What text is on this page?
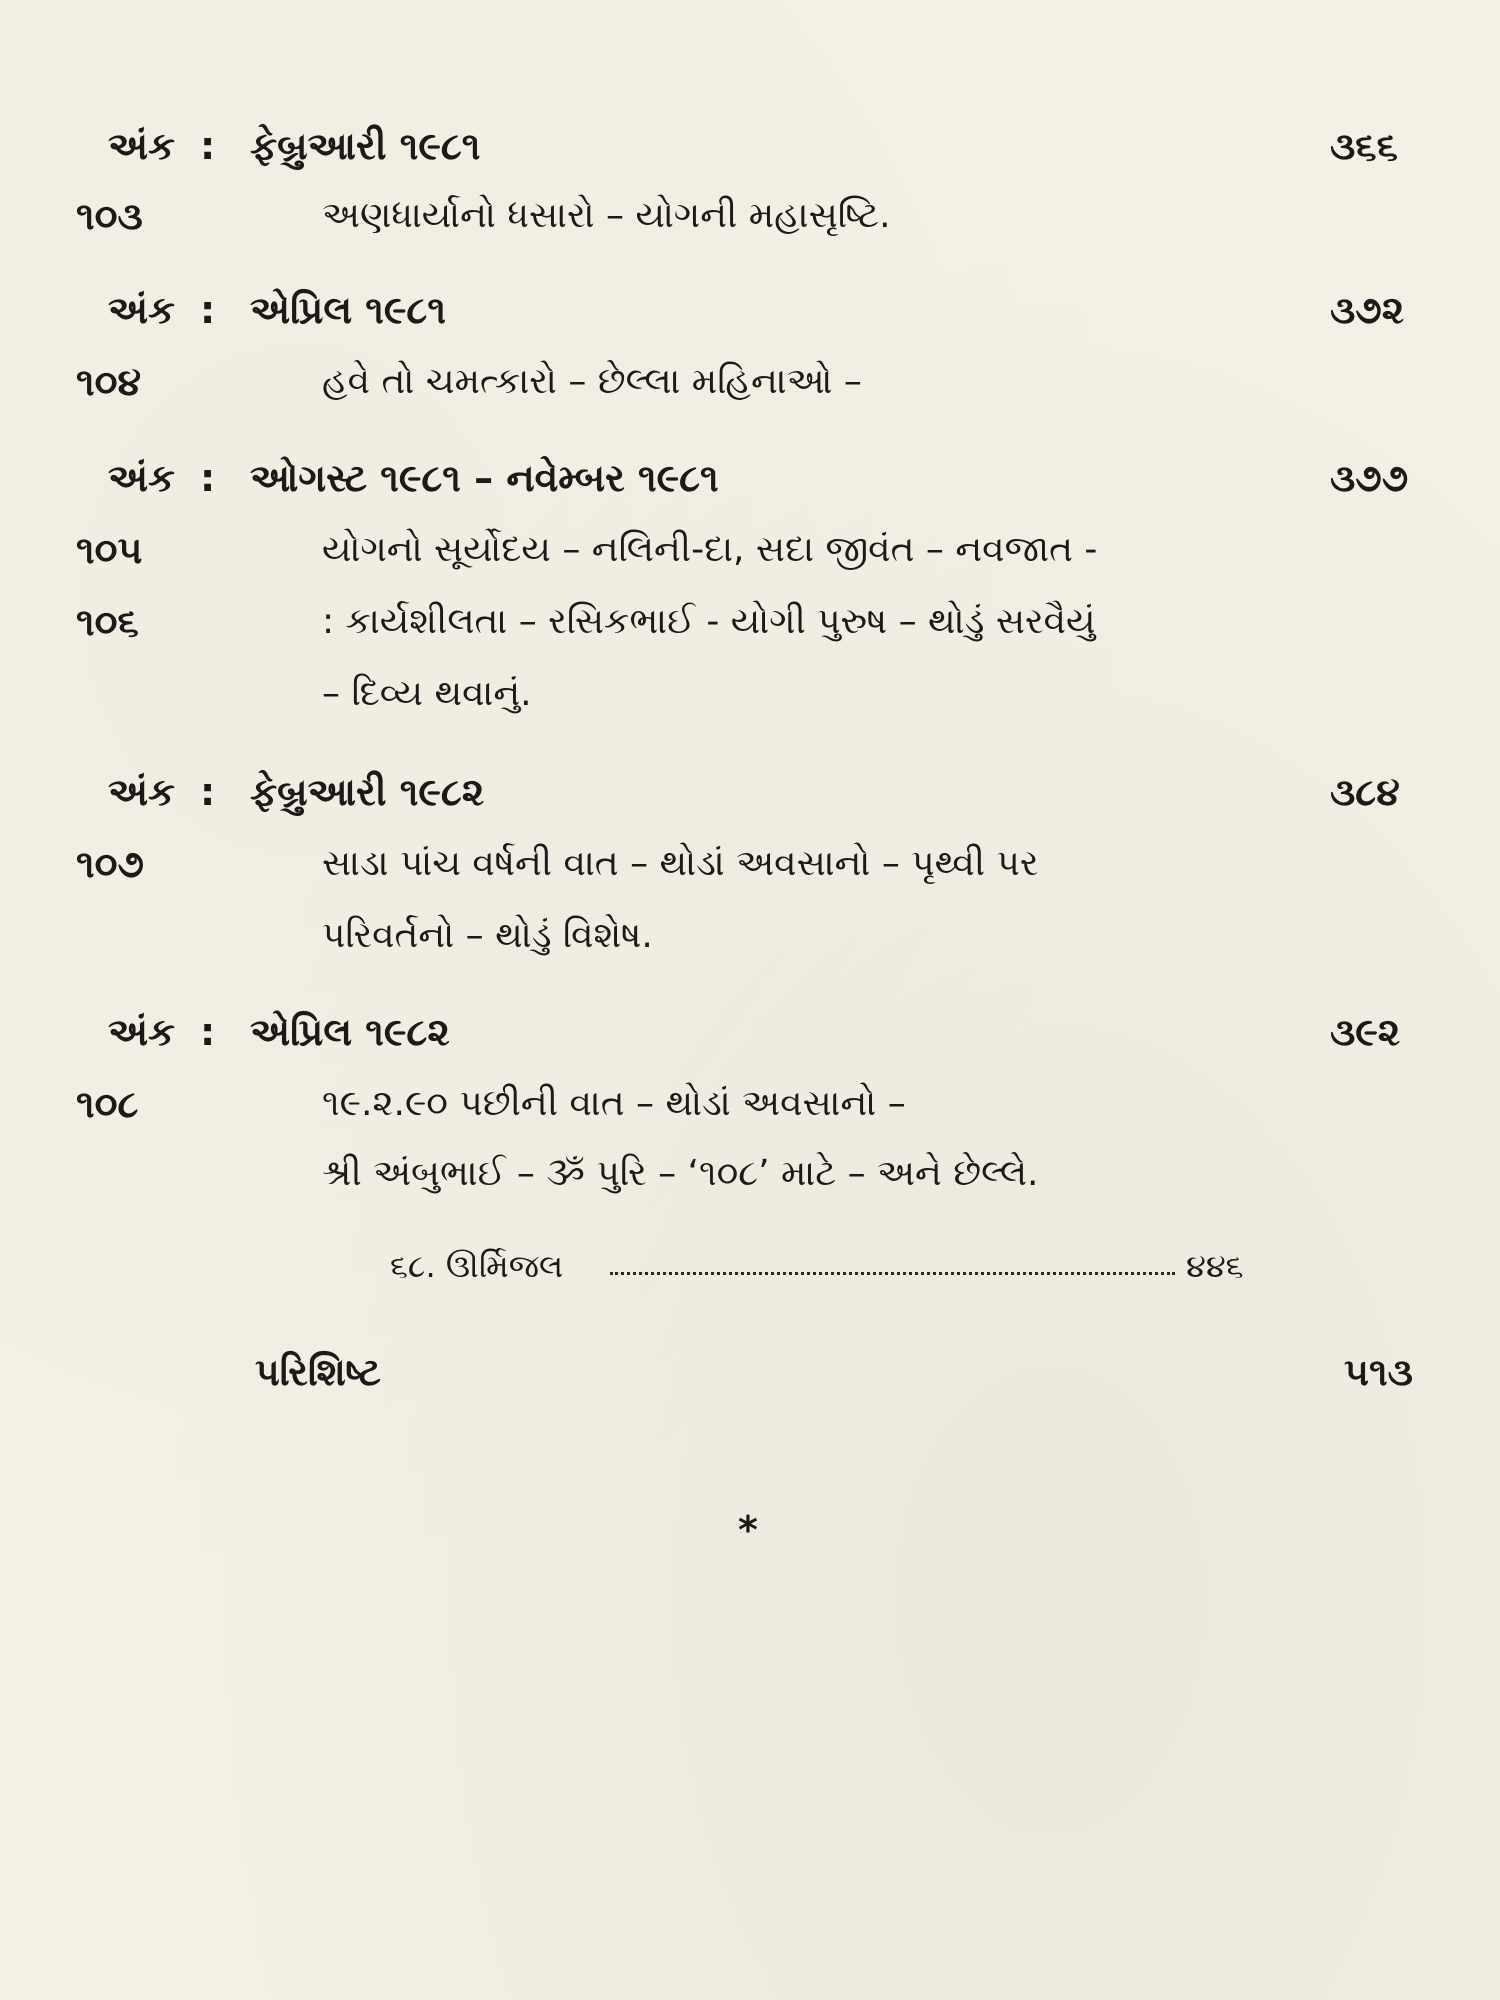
અંક : ફેબ્રુઆરી ૧૯૮૧	૩૬૬
૧૦૩	અણધાર્યાનો ધસારો – યોગની મહાસૃષ્ટિ.
અંક : એપ્રિલ ૧૯૮૧	૩૭૨
૧૦૪	હવે તો ચમત્કારો – છેલ્લા મહિનાઓ –
અંક : ઓગસ્ટ ૧૯૮૧ – નવેમ્બર ૧૯૮૧	૩૭૭
૧૦૫	યોગનો સૂર્યોદય – નલિની-દા, સદા જીવંત – નવજાત -
૧૦૬	: કાર્યશીલતા – રસિકભાઈ - યોગી પુરુષ – થોડું સરવૈયું
– દિવ્ય થવાનું.
અંક : ફેબ્રુઆરી ૧૯૮૨	૩૮૪
૧૦૭	સાડા પાંચ વર્ષની વાત – થોડાં અવસાનો – પૃથ્વી પર
પરિવર્તનો – થોડું વિશેષ.
અંક : એપ્રિલ ૧૯૮૨	૩૯૨
૧૦૮	૧૯.૨.૯૦ પછીની વાત – થોડાં અવસાનો –
શ્રી અંબુભાઈ – ૐ પુરિ – ‘૧૦૮’ માટે – અને છેલ્લે.
૬૮. ઊર્મિજલ	૪૪૬
પરિશિષ્ટ	૫૧૩
*
